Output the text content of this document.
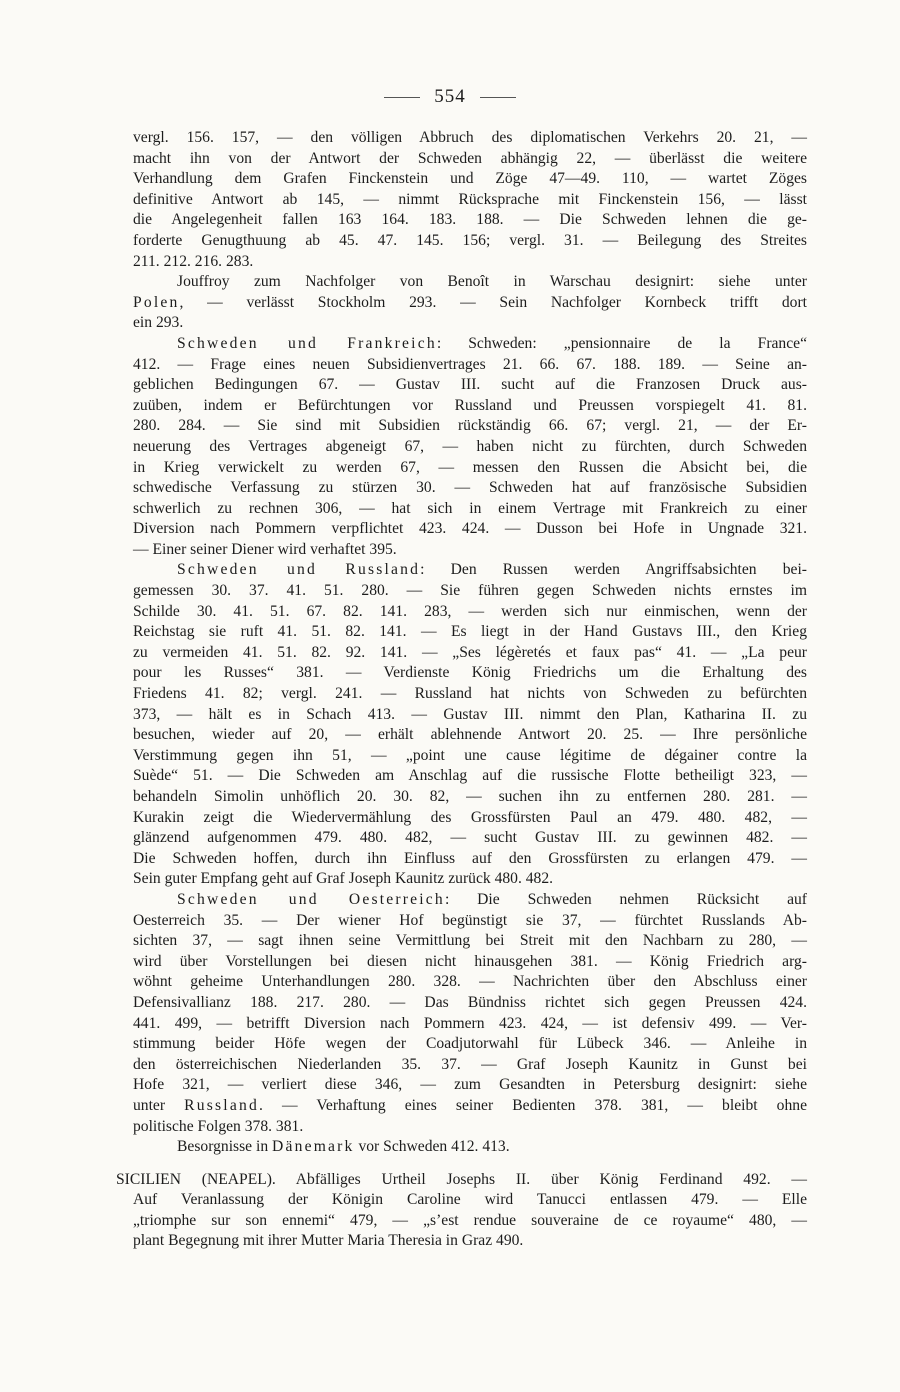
554
vergl. 156. 157, — den völligen Abbruch des diplomatischen Verkehrs 20. 21, —
macht ihn von der Antwort der Schweden abhängig 22, — überlässt die weitere
Verhandlung dem Grafen Finckenstein und Zöge 47—49. 110, — wartet Zöges
definitive Antwort ab 145, — nimmt Rücksprache mit Finckenstein 156, — lässt
die Angelegenheit fallen 163 164. 183. 188. — Die Schweden lehnen die ge-
forderte Genugthuung ab 45. 47. 145. 156; vergl. 31. — Beilegung des Streites
211. 212. 216. 283.
Jouffroy zum Nachfolger von Benoît in Warschau designirt: siehe unter
Polen, — verlässt Stockholm 293. — Sein Nachfolger Kornbeck trifft dort
ein 293.
Schweden und Frankreich: Schweden: „pensionnaire de la France“
412. — Frage eines neuen Subsidienvertrages 21. 66. 67. 188. 189. — Seine an-
geblichen Bedingungen 67. — Gustav III. sucht auf die Franzosen Druck aus-
zuüben, indem er Befürchtungen vor Russland und Preussen vorspiegelt 41. 81.
280. 284. — Sie sind mit Subsidien rückständig 66. 67; vergl. 21, — der Er-
neuerung des Vertrages abgeneigt 67, — haben nicht zu fürchten, durch Schweden
in Krieg verwickelt zu werden 67, — messen den Russen die Absicht bei, die
schwedische Verfassung zu stürzen 30. — Schweden hat auf französische Subsidien
schwerlich zu rechnen 306, — hat sich in einem Vertrage mit Frankreich zu einer
Diversion nach Pommern verpflichtet 423. 424. — Dusson bei Hofe in Ungnade 321.
— Einer seiner Diener wird verhaftet 395.
Schweden und Russland: Den Russen werden Angriffsabsichten bei-
gemessen 30. 37. 41. 51. 280. — Sie führen gegen Schweden nichts ernstes im
Schilde 30. 41. 51. 67. 82. 141. 283, — werden sich nur einmischen, wenn der
Reichstag sie ruft 41. 51. 82. 141. — Es liegt in der Hand Gustavs III., den Krieg
zu vermeiden 41. 51. 82. 92. 141. — „Ses légèretés et faux pas“ 41. — „La peur
pour les Russes“ 381. — Verdienste König Friedrichs um die Erhaltung des
Friedens 41. 82; vergl. 241. — Russland hat nichts von Schweden zu befürchten
373, — hält es in Schach 413. — Gustav III. nimmt den Plan, Katharina II. zu
besuchen, wieder auf 20, — erhält ablehnende Antwort 20. 25. — Ihre persönliche
Verstimmung gegen ihn 51, — „point une cause légitime de dégainer contre la
Suède“ 51. — Die Schweden am Anschlag auf die russische Flotte betheiligt 323, —
behandeln Simolin unhöflich 20. 30. 82, — suchen ihn zu entfernen 280. 281. —
Kurakin zeigt die Wiedervermählung des Grossfürsten Paul an 479. 480. 482, —
glänzend aufgenommen 479. 480. 482, — sucht Gustav III. zu gewinnen 482. —
Die Schweden hoffen, durch ihn Einfluss auf den Grossfürsten zu erlangen 479. —
Sein guter Empfang geht auf Graf Joseph Kaunitz zurück 480. 482.
Schweden und Oesterreich: Die Schweden nehmen Rücksicht auf
Oesterreich 35. — Der wiener Hof begünstigt sie 37, — fürchtet Russlands Ab-
sichten 37, — sagt ihnen seine Vermittlung bei Streit mit den Nachbarn zu 280, —
wird über Vorstellungen bei diesen nicht hinausgehen 381. — König Friedrich arg-
wöhnt geheime Unterhandlungen 280. 328. — Nachrichten über den Abschluss einer
Defensivallianz 188. 217. 280. — Das Bündniss richtet sich gegen Preussen 424.
441. 499, — betrifft Diversion nach Pommern 423. 424, — ist defensiv 499. — Ver-
stimmung beider Höfe wegen der Coadjutorwahl für Lübeck 346. — Anleihe in
den österreichischen Niederlanden 35. 37. — Graf Joseph Kaunitz in Gunst bei
Hofe 321, — verliert diese 346, — zum Gesandten in Petersburg designirt: siehe
unter Russland. — Verhaftung eines seiner Bedienten 378. 381, — bleibt ohne
politische Folgen 378. 381.
Besorgnisse in Dänemark vor Schweden 412. 413.
SICILIEN (NEAPEL). Abfälliges Urtheil Josephs II. über König Ferdinand 492. —
Auf Veranlassung der Königin Caroline wird Tanucci entlassen 479. — Elle
„triomphe sur son ennemi“ 479, — „s’est rendue souveraine de ce royaume“ 480, —
plant Begegnung mit ihrer Mutter Maria Theresia in Graz 490.
